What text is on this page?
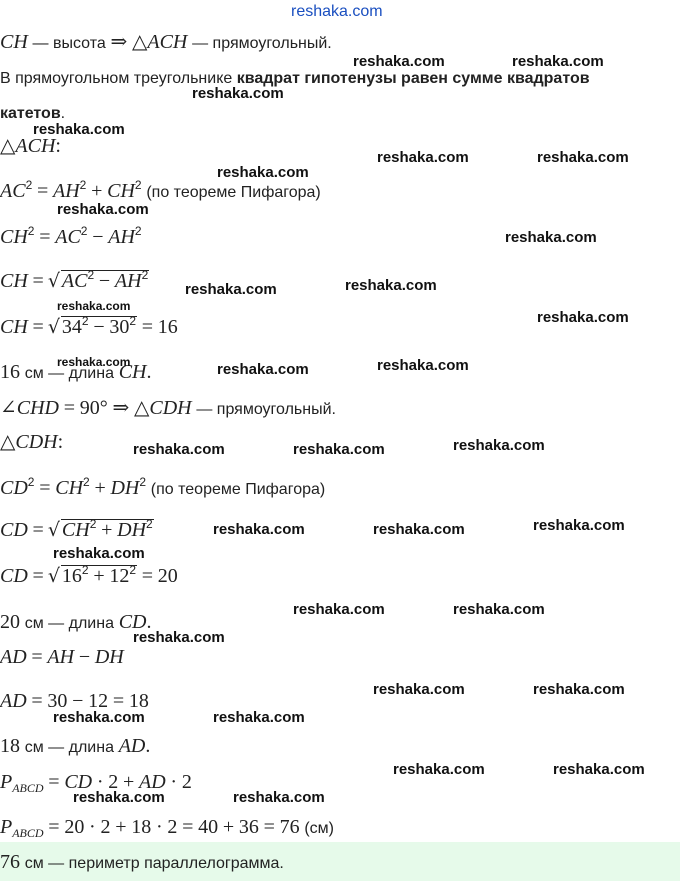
reshaka.com
CH — высота ⇒ △ACH — прямоугольный.
В прямоугольном треугольнике квадрат гипотенузы равен сумме квадратов
катетов.
△ACH:
$AC^2 = AH^2 + CH^2$ (по теореме Пифагора)
$CH^2 = AC^2 - AH^2$
CH = √ $AC^2 - AH^2$
CH = √ $34^2 - 30^2 = 16$
16 см — длина CH.
∠CHD = 90° ⇒ △CDH — прямоугольный.
△CDH:
$CD^2 = CH^2 + DH^2$ (по теореме Пифагора)
CD = √ $CH^2 + DH^2$
CD = √ $16^2 + 12^2 = 20$
20 см — длина CD.
AD = AH − DH
AD = 30 − 12 = 18
18 см — длина AD.
$P_{ABCD}$ = CD · 2 + AD · 2
$P_{ABCD} = 20 \cdot 2 + 18 \cdot 2 = 40 + 36 = 76$ (см)
76 см — периметр параллелограмма.
reshaka.com	reshaka.com
reshaka.com
reshaka.com
reshaka.com	reshaka.com
reshaka.com
reshaka.com
reshaka.com
reshaka.com	reshaka.com
reshaka.com
reshaka.com
reshaka.com	reshaka.com	reshaka.com
reshaka.com	reshaka.com	reshaka.com
reshaka.com	reshaka.com	reshaka.com
reshaka.com
reshaka.com	reshaka.com
reshaka.com
reshaka.com	reshaka.com
reshaka.com	reshaka.com
reshaka.com	reshaka.com
reshaka.com	reshaka.com
